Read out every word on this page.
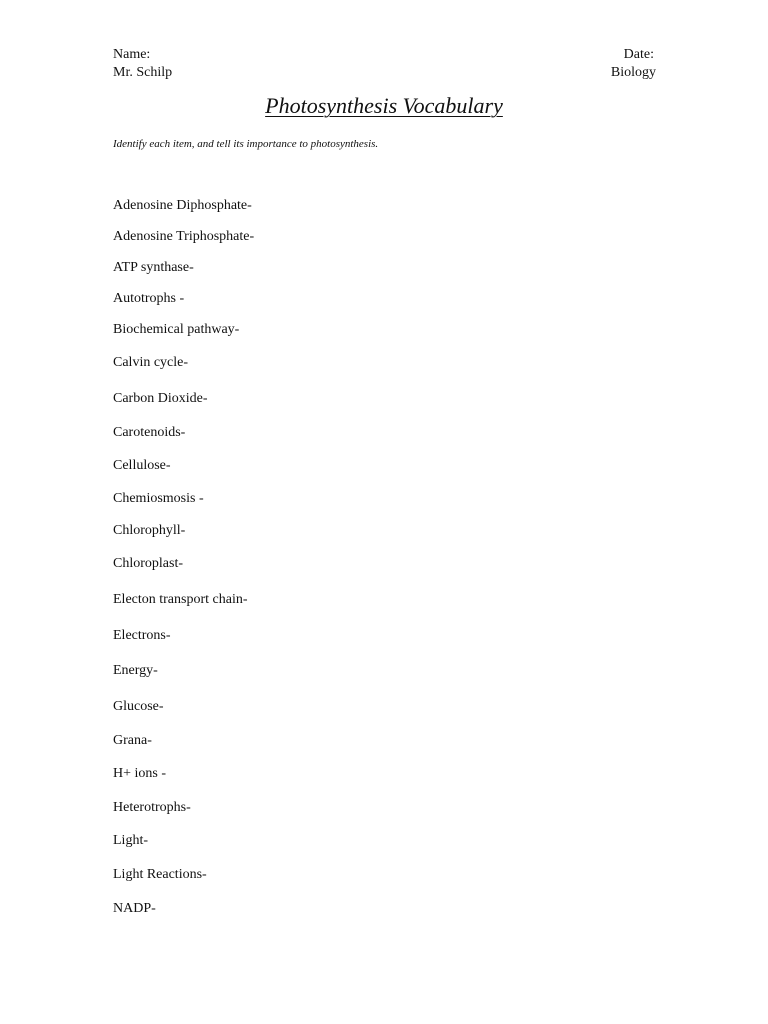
Name:
Mr. Schilp
Date:
Biology
Photosynthesis Vocabulary
Identify each item, and tell its importance to photosynthesis.
Adenosine Diphosphate-
Adenosine Triphosphate-
ATP synthase-
Autotrophs -
Biochemical pathway-
Calvin cycle-
Carbon Dioxide-
Carotenoids-
Cellulose-
Chemiosmosis -
Chlorophyll-
Chloroplast-
Electon transport chain-
Electrons-
Energy-
Glucose-
Grana-
H+ ions -
Heterotrophs-
Light-
Light Reactions-
NADP-
